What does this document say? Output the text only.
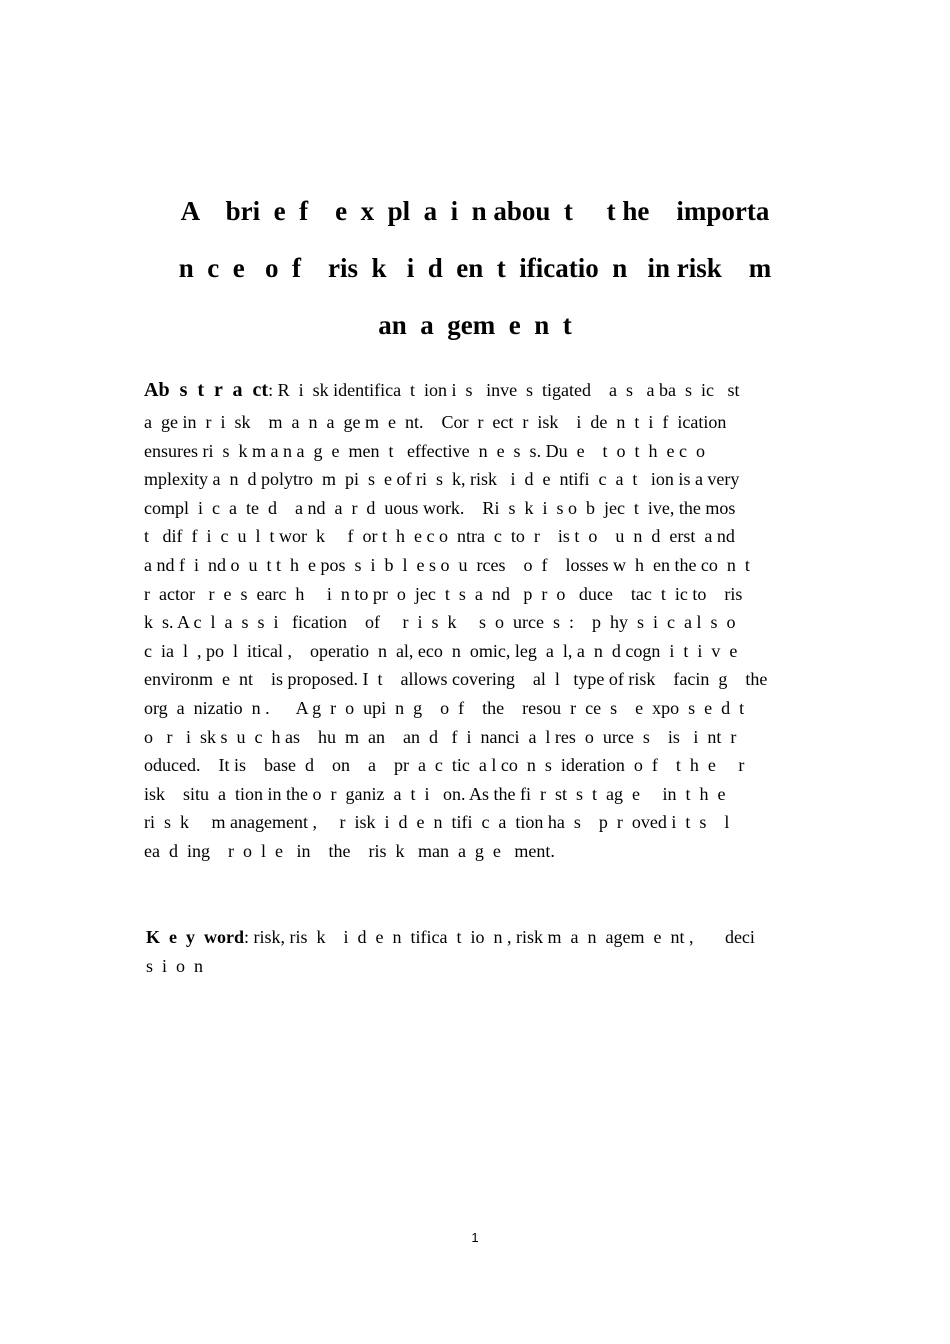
A    bri  e  f    e  x  pl  a  i  n abou  t     t he    importa
n  c  e   o  f    ris  k   i  d  en  t  ificatio  n   in risk    m
an  a  gem  e  n  t
Ab  s  t  r  a  ct: R  i  sk identifica  t  ion i  s   inve  s  tigated    a  s   a ba  s  ic   st
a  ge in  r  i  sk    m  a  n  a  ge m  e  nt.    Cor  r  ect  r  isk    i  de  n  t  i  f  ication
ensures ri  s  k m a n a  g  e  men  t   effective  n  e  s  s. Du  e    t  o  t  h  e c  o
mplexity a  n  d polytro  m  pi  s  e of ri  s  k, risk   i  d  e  ntifi  c  a  t   ion is a very
compl  i  c  a  te  d    a nd  a  r  d  uous work.    Ri  s  k  i  s o  b  jec  t  ive, the mos
t   dif  f  i  c  u  l  t wor  k     f  or t  h  e c o  ntra  c  to  r    is t  o    u  n  d  erst  a nd
a nd f  i  nd o  u  t t  h  e pos  s  i  b  l  e s o  u  rces    o  f    losses w  h  en the co  n  t
r  actor   r  e  s  earc  h     i  n to pr  o  jec  t  s  a  nd   p  r  o   duce    tac  t  ic to    ris
k  s. A c  l  a  s  s  i   fication    of     r  i  s  k     s  o  urce  s  :    p  hy  s  i  c  a l  s  o
c  ia  l  , po  l  itical ,    operatio  n  al, eco  n  omic, leg  a  l, a  n  d cogn  i  t  i  v  e
environm  e  nt    is proposed. I  t    allows covering    al  l   type of risk    facin  g    the
org  a  nizatio  n .      A g  r  o  upi  n  g    o  f    the    resou  r  ce  s    e  xpo  s  e  d  t
o   r   i  sk s  u  c  h as    hu  m  an    an  d   f  i  nanci  a  l res  o  urce  s    is   i  nt  r
oduced.    It is    base  d    on    a    pr  a  c  tic  a l co  n  s  ideration  o  f    t  h  e     r
isk    situ  a  tion in the o  r  ganiz  a  t  i   on. As the fi  r  st  s  t  ag  e     in  t  h  e
ri  s  k     m anagement ,     r  isk  i  d  e  n  tifi  c  a  tion ha  s    p  r  oved i  t  s    l
ea  d  ing    r  o  l  e   in    the    ris  k   man  a  g  e   ment.
K  e  y  word: risk, ris  k    i  d  e  n  tifica  t  io  n , risk m  a  n  agem  e  nt ,       deci
s  i  o  n
1
